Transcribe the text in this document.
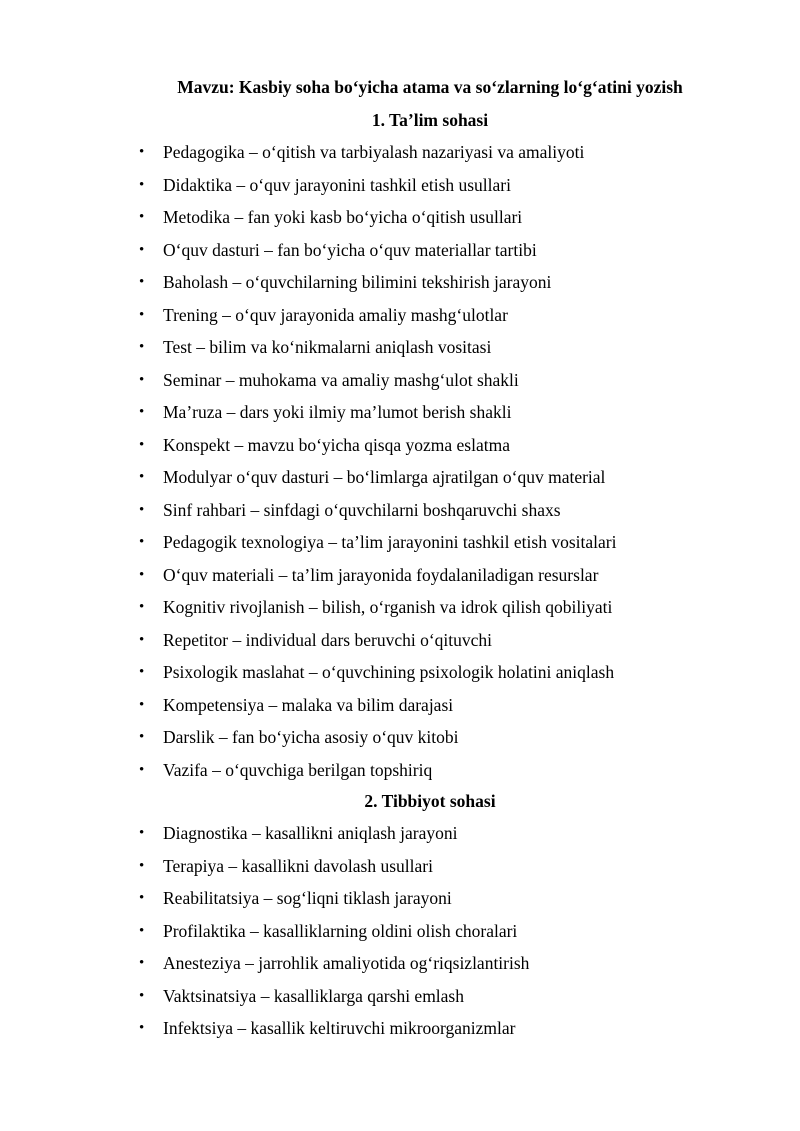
Mavzu: Kasbiy soha bo‘yicha atama va so‘zlarning lo‘g‘atini yozish
1. Ta’lim sohasi
• Pedagogika – o‘qitish va tarbiyalash nazariyasi va amaliyoti
• Didaktika – o‘quv jarayonini tashkil etish usullari
• Metodika – fan yoki kasb bo‘yicha o‘qitish usullari
• O‘quv dasturi – fan bo‘yicha o‘quv materiallar tartibi
• Baholash – o‘quvchilarning bilimini tekshirish jarayoni
• Trening – o‘quv jarayonida amaliy mashg‘ulotlar
• Test – bilim va ko‘nikmalarni aniqlash vositasi
• Seminar – muhokama va amaliy mashg‘ulot shakli
• Ma’ruza – dars yoki ilmiy ma’lumot berish shakli
• Konspekt – mavzu bo‘yicha qisqa yozma eslatma
• Modulyar o‘quv dasturi – bo‘limlarga ajratilgan o‘quv material
• Sinf rahbari – sinfdagi o‘quvchilarni boshqaruvchi shaxs
• Pedagogik texnologiya – ta’lim jarayonini tashkil etish vositalari
• O‘quv materiali – ta’lim jarayonida foydalaniladigan resurslar
• Kognitiv rivojlanish – bilish, o‘rganish va idrok qilish qobiliyati
• Repetitor – individual dars beruvchi o‘qituvchi
• Psixologik maslahat – o‘quvchining psixologik holatini aniqlash
• Kompetensiya – malaka va bilim darajasi
• Darslik – fan bo‘yicha asosiy o‘quv kitobi
• Vazifa – o‘quvchiga berilgan topshiriq
2. Tibbiyot sohasi
• Diagnostika – kasallikni aniqlash jarayoni
• Terapiya – kasallikni davolash usullari
• Reabilitatsiya – sog‘liqni tiklash jarayoni
• Profilaktika – kasalliklarning oldini olish choralari
• Anesteziya – jarrohlik amaliyotida og‘riqsizlantirish
• Vaktsinatsiya – kasalliklarga qarshi emlash
• Infektsiya – kasallik keltiruvchi mikroorganizmlar
